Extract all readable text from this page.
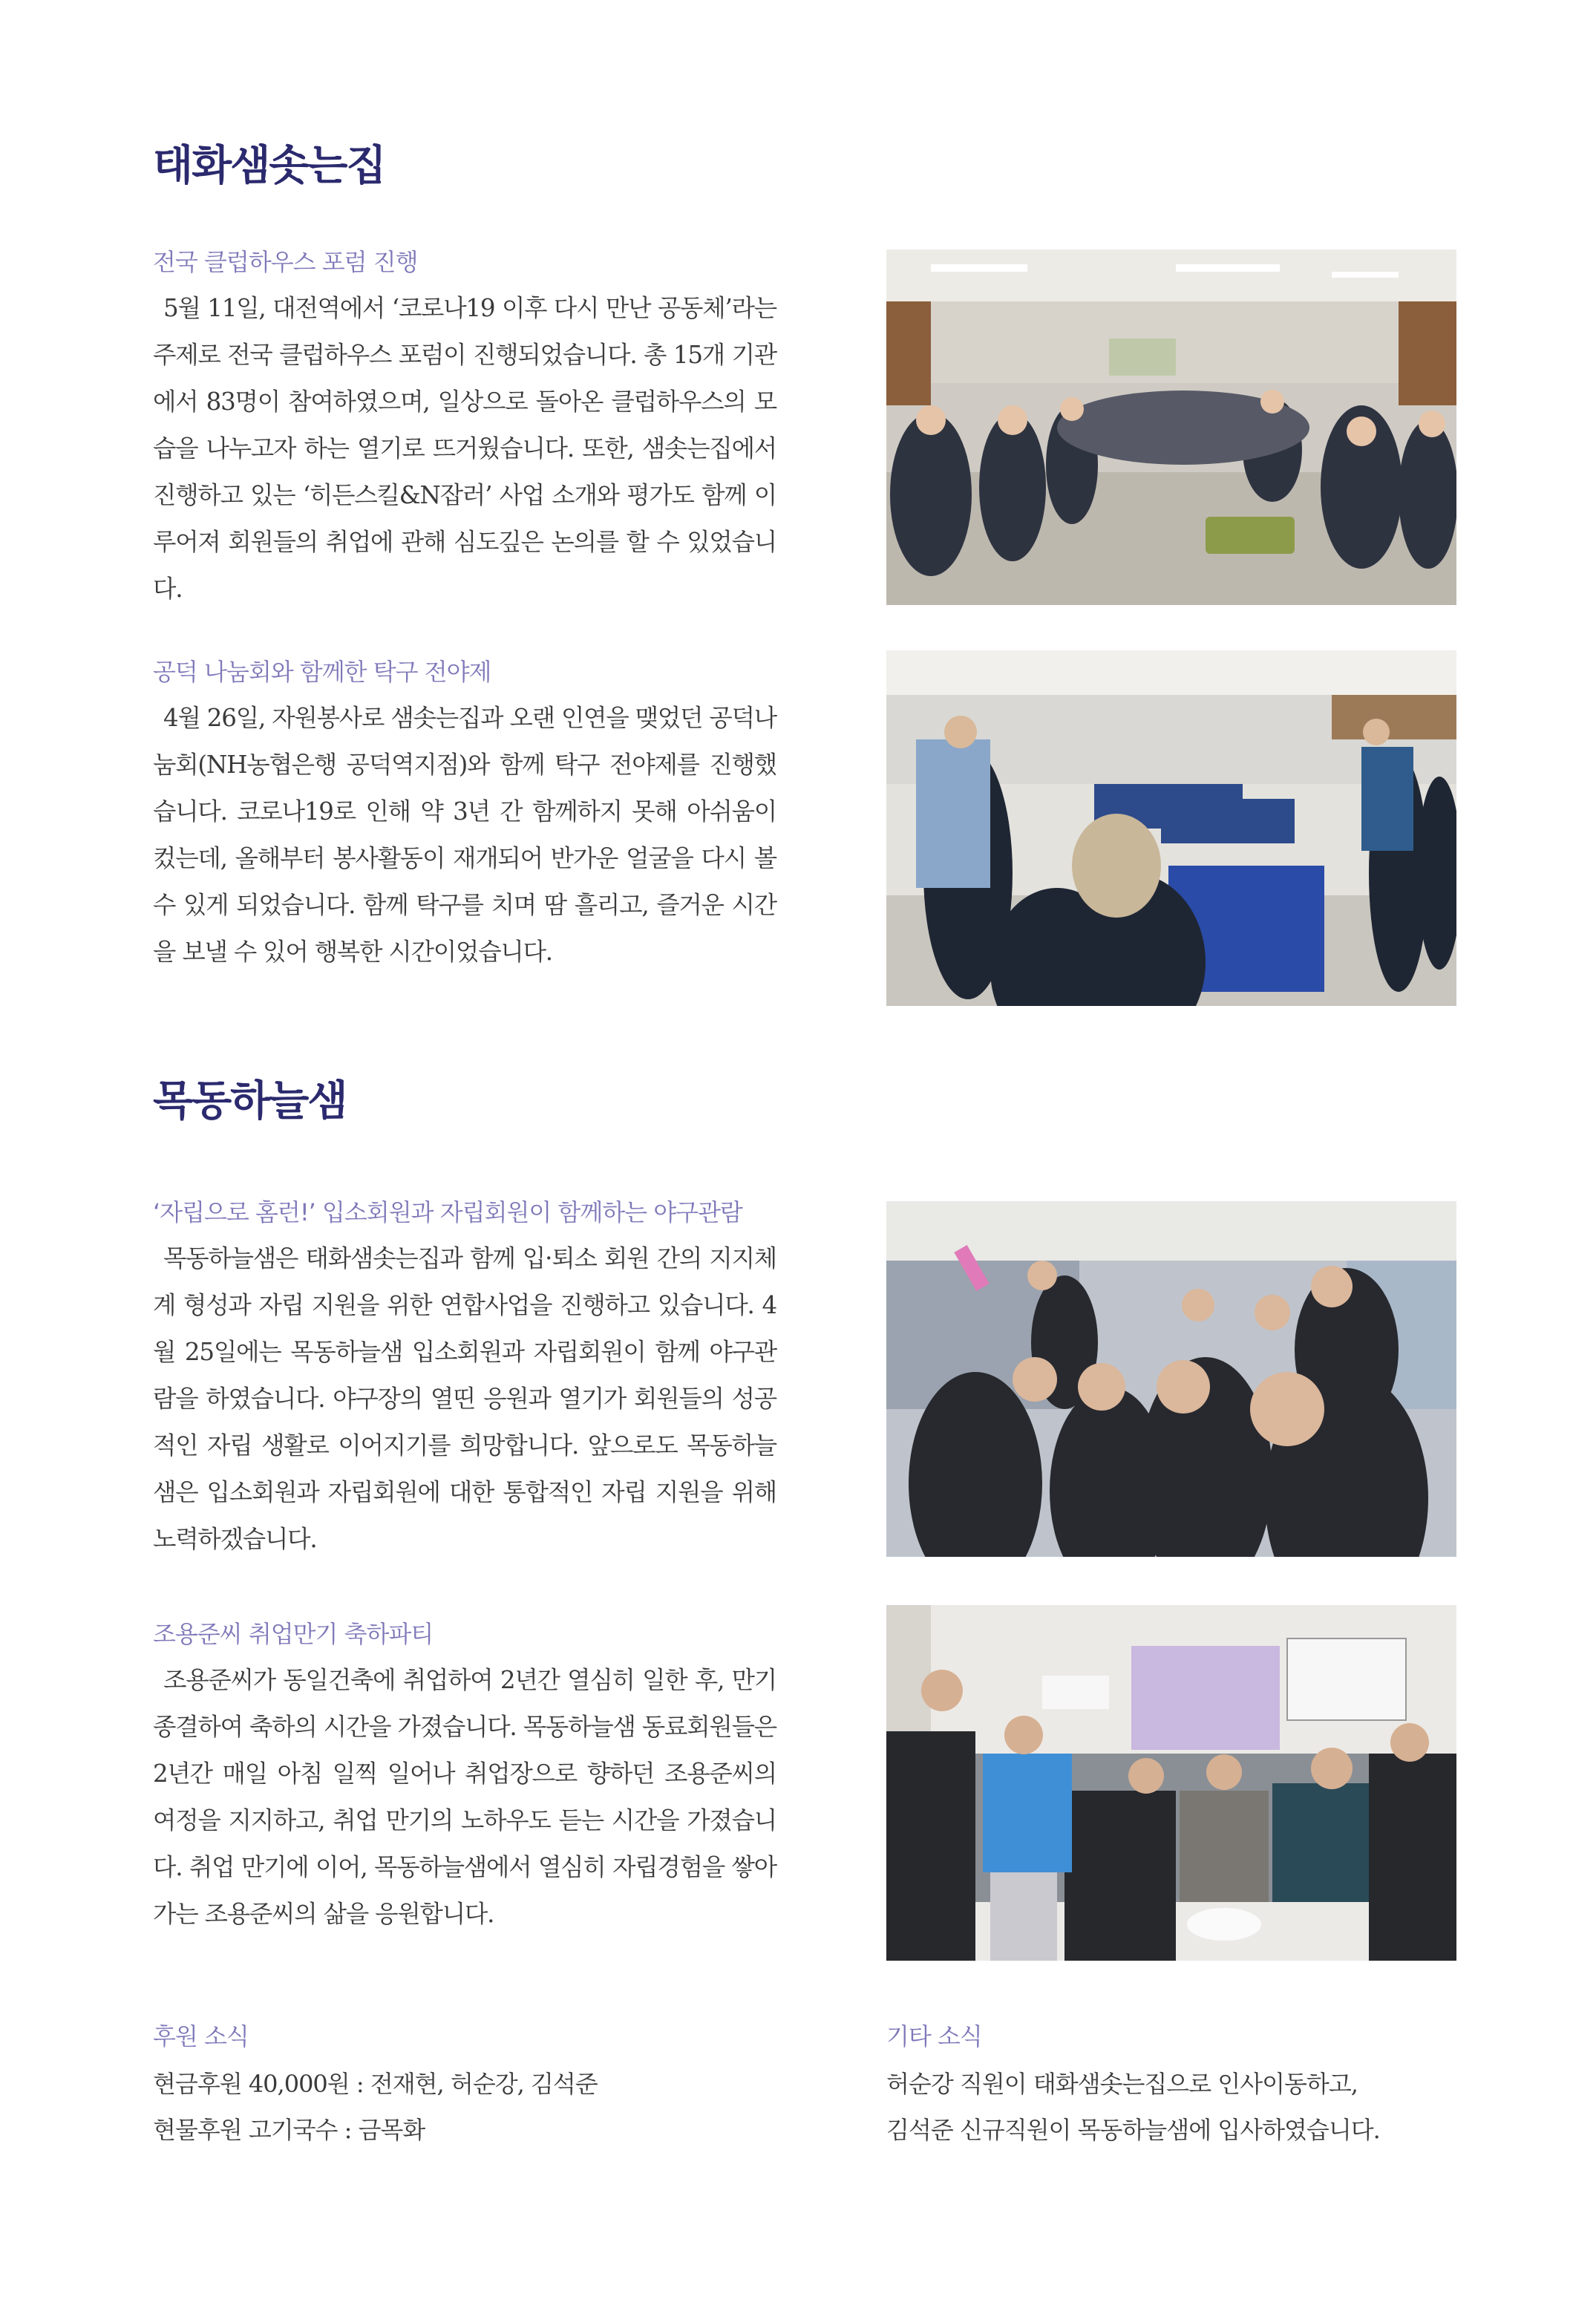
태화샘솟는집

전국 클럽하우스 포럼 진행

5월 11일, 대전역에서 ‘코로나19 이후 다시 만난 공동체’라는 주제로 전국 클럽하우스 포럼이 진행되었습니다. 총 15개 기관에서 83명이 참여하였으며, 일상으로 돌아온 클럽하우스의 모습을 나누고자 하는 열기로 뜨거웠습니다. 또한, 샘솟는집에서 진행하고 있는 ‘히든스킬&N잡러’ 사업 소개와 평가도 함께 이루어져 회원들의 취업에 관해 심도깊은 논의를 할 수 있었습니다.

공덕 나눔회와 함께한 탁구 전야제

4월 26일, 자원봉사로 샘솟는집과 오랜 인연을 맺었던 공덕나눔회(NH농협은행 공덕역지점)와 함께 탁구 전야제를 진행했습니다. 코로나19로 인해 약 3년 간 함께하지 못해 아쉬움이 컸는데, 올해부터 봉사활동이 재개되어 반가운 얼굴을 다시 볼 수 있게 되었습니다. 함께 탁구를 치며 땀 흘리고, 즐거운 시간을 보낼 수 있어 행복한 시간이었습니다.

목동하늘샘

‘자립으로 홈런!’ 입소회원과 자립회원이 함께하는 야구관람

목동하늘샘은 태화샘솟는집과 함께 입·퇴소 회원 간의 지지체계 형성과 자립 지원을 위한 연합사업을 진행하고 있습니다. 4월 25일에는 목동하늘샘 입소회원과 자립회원이 함께 야구관람을 하였습니다. 야구장의 열띤 응원과 열기가 회원들의 성공적인 자립 생활로 이어지기를 희망합니다. 앞으로도 목동하늘샘은 입소회원과 자립회원에 대한 통합적인 자립 지원을 위해 노력하겠습니다.

조용준씨 취업만기 축하파티

조용준씨가 동일건축에 취업하여 2년간 열심히 일한 후, 만기종결하여 축하의 시간을 가졌습니다. 목동하늘샘 동료회원들은 2년간 매일 아침 일찍 일어나 취업장으로 향하던 조용준씨의 여정을 지지하고, 취업 만기의 노하우도 듣는 시간을 가졌습니다. 취업 만기에 이어, 목동하늘샘에서 열심히 자립경험을 쌓아가는 조용준씨의 삶을 응원합니다.

후원 소식

현금후원 40,000원 : 전재현, 허순강, 김석준
현물후원 고기국수 : 금목화

기타 소식

허순강 직원이 태화샘솟는집으로 인사이동하고,
김석준 신규직원이 목동하늘샘에 입사하였습니다.
